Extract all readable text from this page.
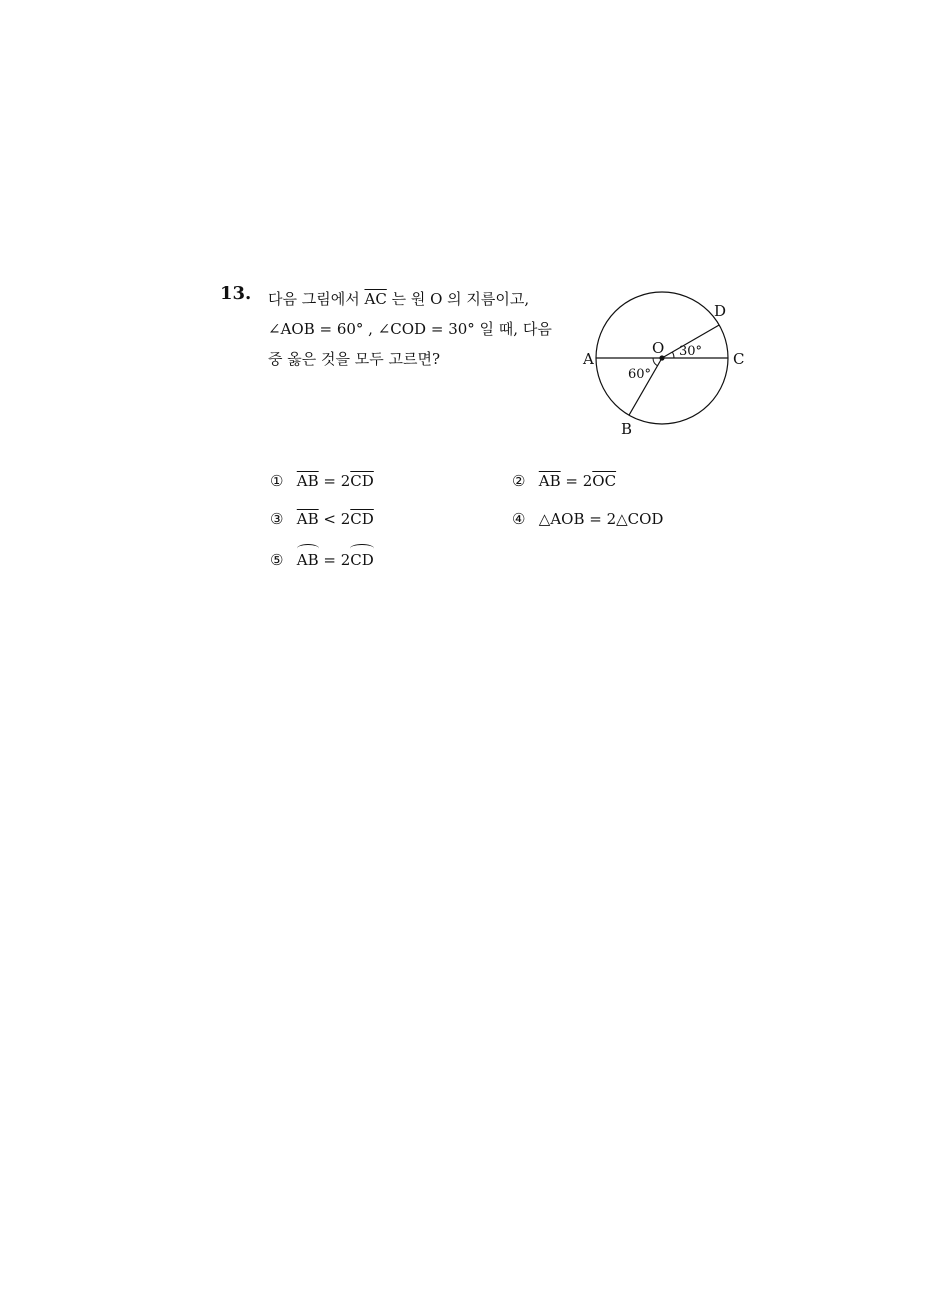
13. 다음 그림에서 $\overline{AC}$ 는 원 O 의 지름이고,
∠AOB = 60° , ∠COD = 30° 일 때, 다음
중 옳은 것을 모두 고르면?	A
B
C
D
O
60°
30°
① $\overline{AB} = 2\overline{CD}$	② $\overline{AB} = 2\overline{OC}$
③ $\overline{AB} < 2\overline{CD}$	④ △AOB = 2△COD
⑤ AB = 2CD
